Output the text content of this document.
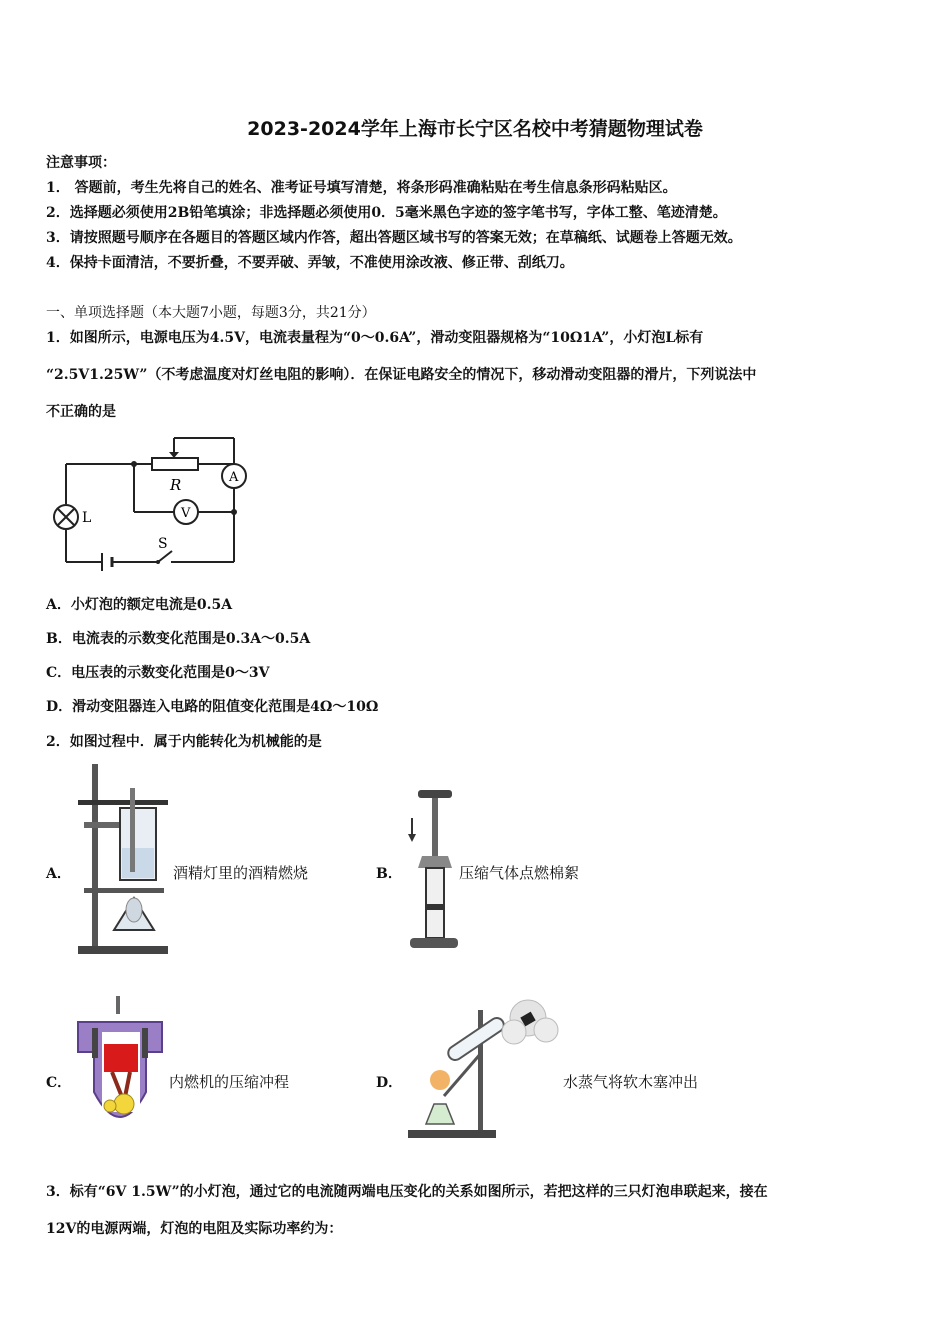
2023-2024学年上海市长宁区名校中考猜题物理试卷
注意事项：
1． 答题前，考生先将自己的姓名、准考证号填写清楚，将条形码准确粘贴在考生信息条形码粘贴区。
2．选择题必须使用2B铅笔填涂；非选择题必须使用0．5毫米黑色字迹的签字笔书写，字体工整、笔迹清楚。
3．请按照题号顺序在各题目的答题区域内作答，超出答题区域书写的答案无效；在草稿纸、试题卷上答题无效。
4．保持卡面清洁，不要折叠，不要弄破、弄皱，不准使用涂改液、修正带、刮纸刀。
一、单项选择题（本大题7小题，每题3分，共21分）
1．如图所示，电源电压为4.5V，电流表量程为“0～0.6A”，滑动变阻器规格为“10Ω1A”，小灯泡L标有
“2.5V1.25W”（不考虑温度对灯丝电阻的影响）．在保证电路安全的情况下，移动滑动变阻器的滑片，下列说法中
不正确的是
R	A
V
L
S
A．小灯泡的额定电流是0.5A
B．电流表的示数变化范围是0.3A～0.5A
C．电压表的示数变化范围是0～3V
D．滑动变阻器连入电路的阻值变化范围是4Ω～10Ω
2．如图过程中．属于内能转化为机械能的是
A．	酒精灯里的酒精燃烧	B．	压缩气体点燃棉絮
C．	内燃机的压缩冲程	D．	水蒸气将软木塞冲出
3．标有“6V 1.5W”的小灯泡，通过它的电流随两端电压变化的关系如图所示，若把这样的三只灯泡串联起来，接在
12V的电源两端，灯泡的电阻及实际功率约为：
